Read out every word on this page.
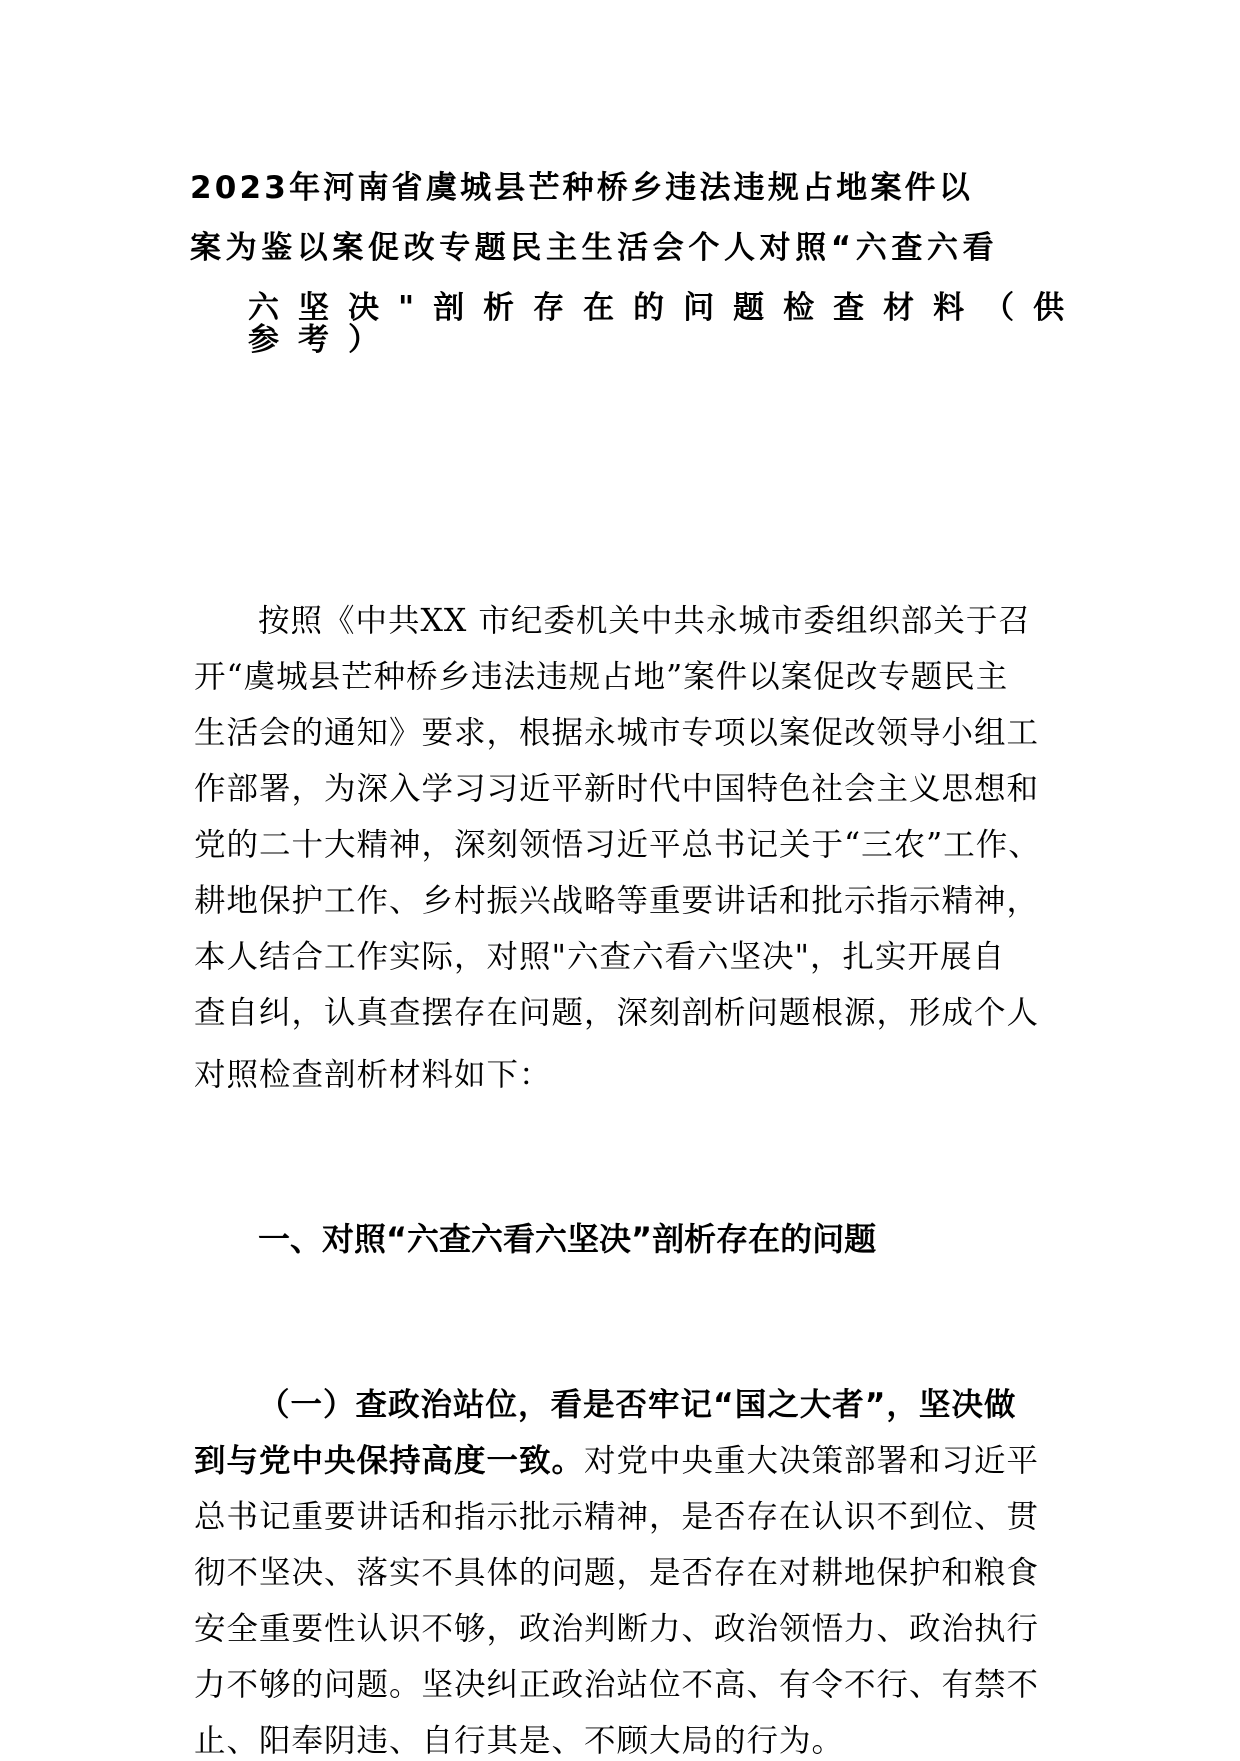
2023年河南省虞城县芒种桥乡违法违规占地案件以
案为鉴以案促改专题民主生活会个人对照“六查六看
六坚决"剖析存在的问题检查材料（供
参考）
按照《中共XX 市纪委机关中共永城市委组织部关于召
开“虞城县芒种桥乡违法违规占地”案件以案促改专题民主
生活会的通知》要求，根据永城市专项以案促改领导小组工
作部署，为深入学习习近平新时代中国特色社会主义思想和
党的二十大精神，深刻领悟习近平总书记关于“三农”工作、
耕地保护工作、乡村振兴战略等重要讲话和批示指示精神，
本人结合工作实际，对照"六查六看六坚决"，扎实开展自
查自纠，认真查摆存在问题，深刻剖析问题根源，形成个人
对照检查剖析材料如下：
一、对照“六查六看六坚决”剖析存在的问题
（一）查政治站位，看是否牢记“国之大者”，坚决做
到与党中央保持高度一致。对党中央重大决策部署和习近平
总书记重要讲话和指示批示精神，是否存在认识不到位、贯
彻不坚决、落实不具体的问题，是否存在对耕地保护和粮食
安全重要性认识不够，政治判断力、政治领悟力、政治执行
力不够的问题。坚决纠正政治站位不高、有令不行、有禁不
止、阳奉阴违、自行其是、不顾大局的行为。
